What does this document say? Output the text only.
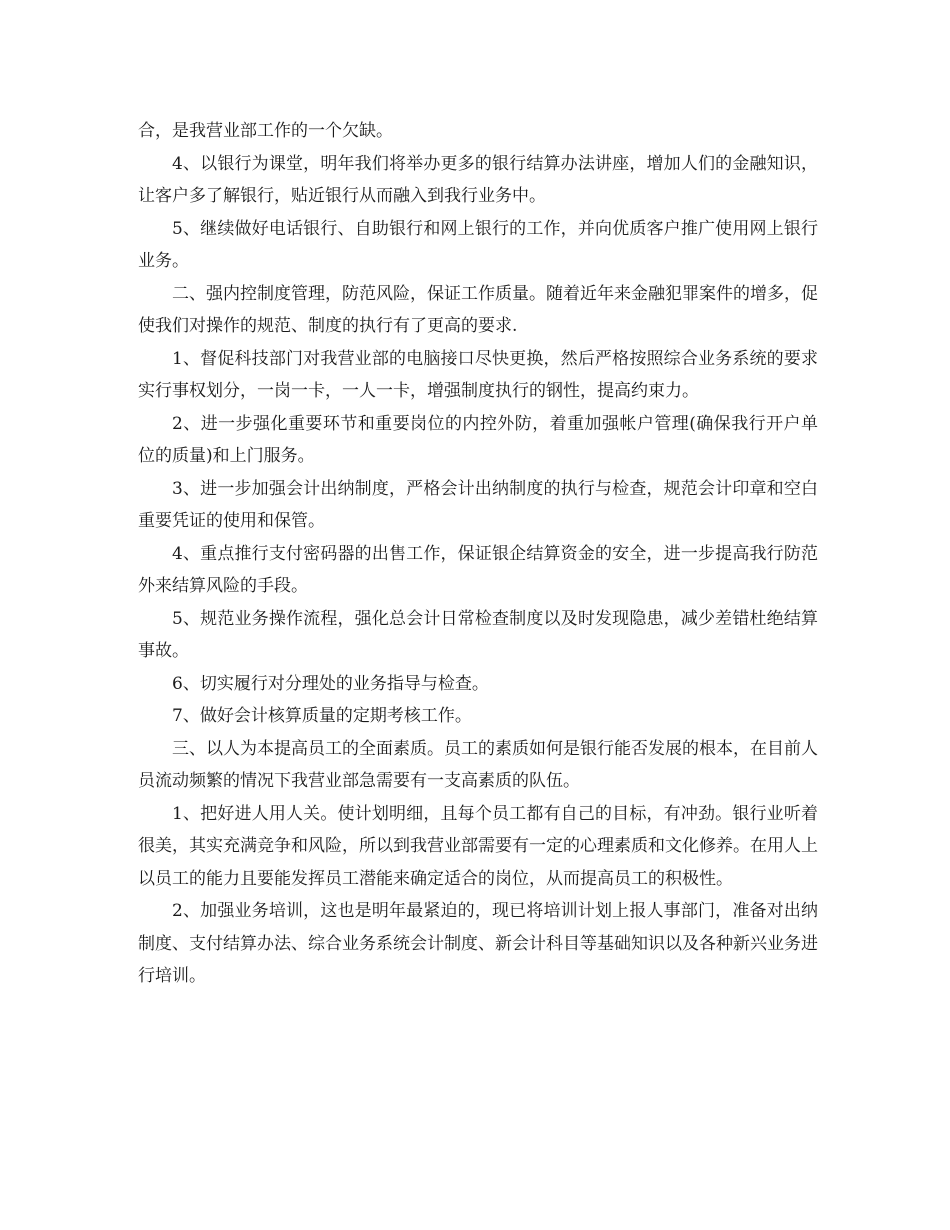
合，是我营业部工作的一个欠缺。

4、以银行为课堂，明年我们将举办更多的银行结算办法讲座，增加人们的金融知识，让客户多了解银行，贴近银行从而融入到我行业务中。

5、继续做好电话银行、自助银行和网上银行的工作，并向优质客户推广使用网上银行业务。

二、强内控制度管理，防范风险，保证工作质量。随着近年来金融犯罪案件的增多，促使我们对操作的规范、制度的执行有了更高的要求.

1、督促科技部门对我营业部的电脑接口尽快更换，然后严格按照综合业务系统的要求实行事权划分，一岗一卡，一人一卡，增强制度执行的钢性，提高约束力。

2、进一步强化重要环节和重要岗位的内控外防，着重加强帐户管理(确保我行开户单位的质量)和上门服务。

3、进一步加强会计出纳制度，严格会计出纳制度的执行与检查，规范会计印章和空白重要凭证的使用和保管。

4、重点推行支付密码器的出售工作，保证银企结算资金的安全，进一步提高我行防范外来结算风险的手段。

5、规范业务操作流程，强化总会计日常检查制度以及时发现隐患，减少差错杜绝结算事故。

6、切实履行对分理处的业务指导与检查。

7、做好会计核算质量的定期考核工作。

三、以人为本提高员工的全面素质。员工的素质如何是银行能否发展的根本，在目前人员流动频繁的情况下我营业部急需要有一支高素质的队伍。

1、把好进人用人关。使计划明细，且每个员工都有自己的目标，有冲劲。银行业听着很美，其实充满竞争和风险，所以到我营业部需要有一定的心理素质和文化修养。在用人上以员工的能力且要能发挥员工潜能来确定适合的岗位，从而提高员工的积极性。

2、加强业务培训，这也是明年最紧迫的，现已将培训计划上报人事部门，准备对出纳制度、支付结算办法、综合业务系统会计制度、新会计科目等基础知识以及各种新兴业务进行培训。
